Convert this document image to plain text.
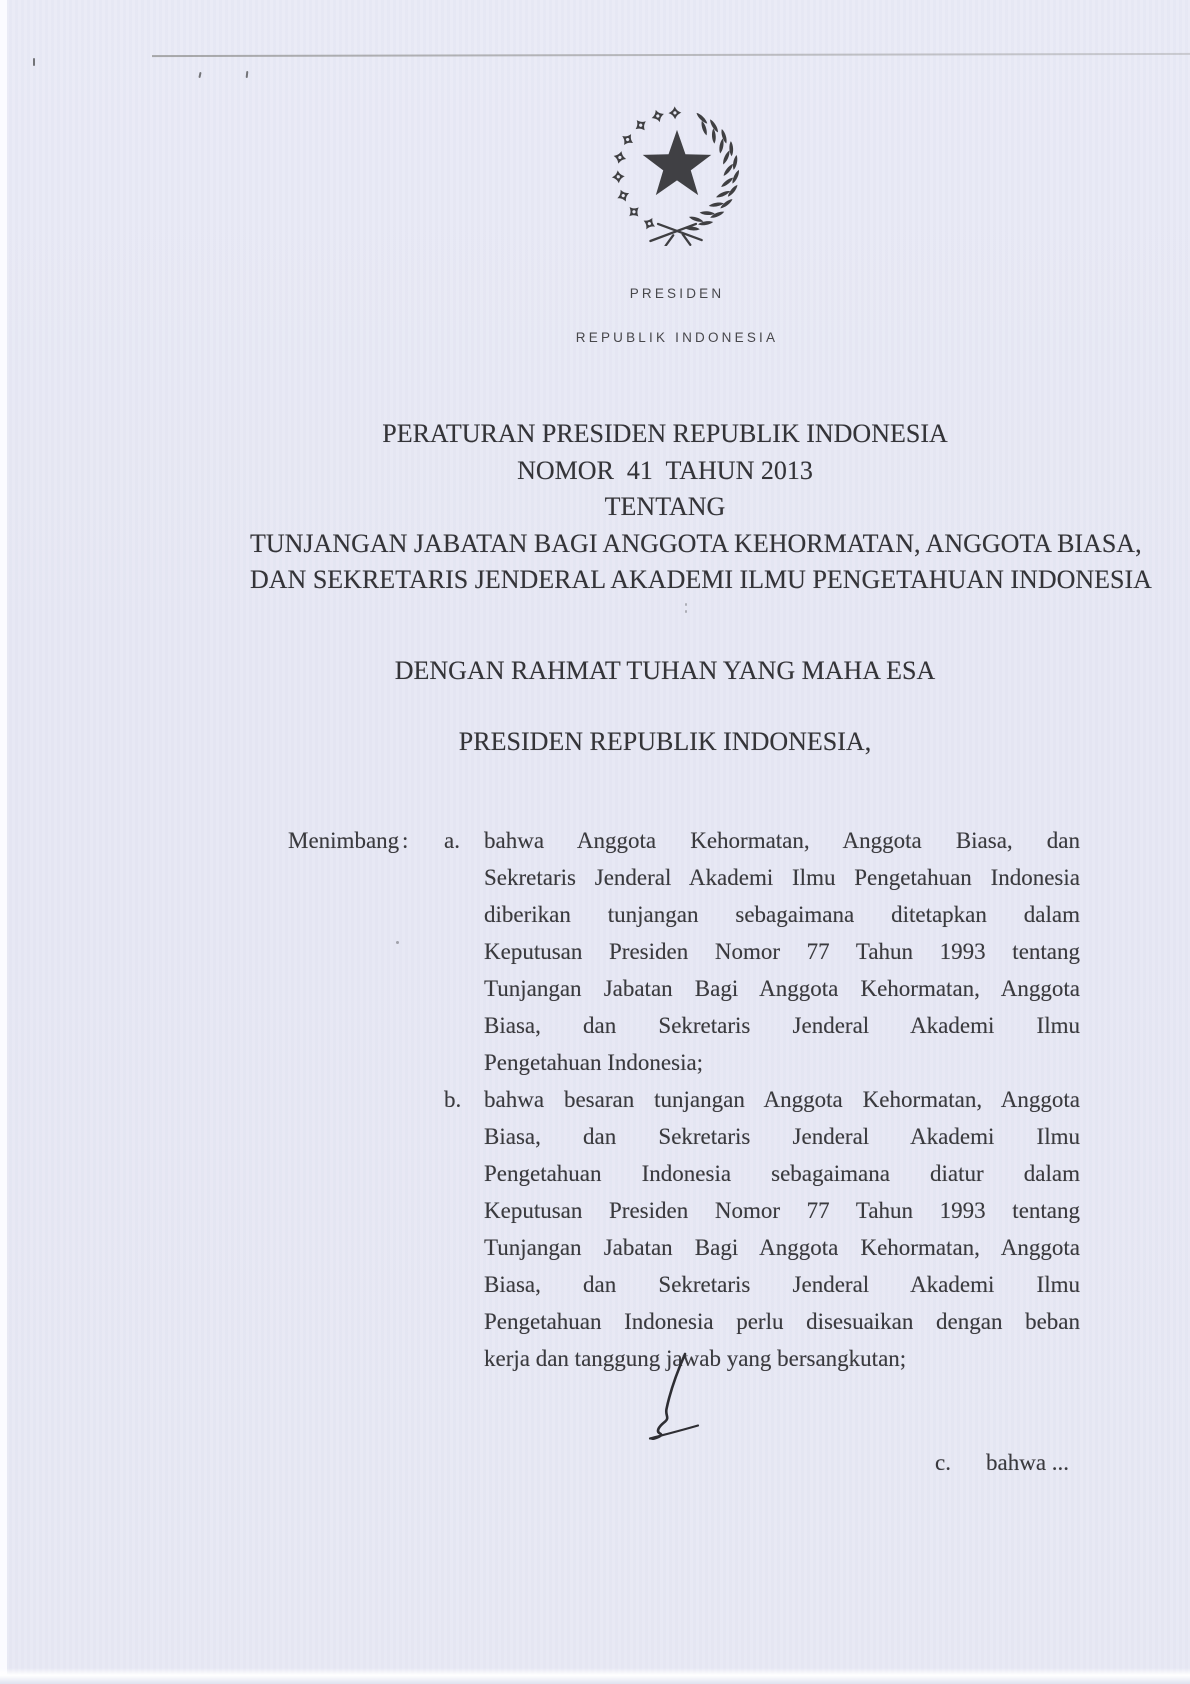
PRESIDEN

REPUBLIK INDONESIA

PERATURAN PRESIDEN REPUBLIK INDONESIA
NOMOR  41  TAHUN 2013
TENTANG
TUNJANGAN JABATAN BAGI ANGGOTA KEHORMATAN, ANGGOTA BIASA,
DAN SEKRETARIS JENDERAL AKADEMI ILMU PENGETAHUAN INDONESIA
DENGAN RAHMAT TUHAN YANG MAHA ESA
PRESIDEN REPUBLIK INDONESIA,
Menimbang : a. bahwa Anggota Kehormatan, Anggota Biasa, dan
Sekretaris Jenderal Akademi Ilmu Pengetahuan Indonesia
diberikan tunjangan sebagaimana ditetapkan dalam
Keputusan Presiden Nomor 77 Tahun 1993 tentang
Tunjangan Jabatan Bagi Anggota Kehormatan, Anggota
Biasa, dan Sekretaris Jenderal Akademi Ilmu
Pengetahuan Indonesia;
b. bahwa besaran tunjangan Anggota Kehormatan, Anggota
Biasa, dan Sekretaris Jenderal Akademi Ilmu
Pengetahuan Indonesia sebagaimana diatur dalam
Keputusan Presiden Nomor 77 Tahun 1993 tentang
Tunjangan Jabatan Bagi Anggota Kehormatan, Anggota
Biasa, dan Sekretaris Jenderal Akademi Ilmu
Pengetahuan Indonesia perlu disesuaikan dengan beban
kerja dan tanggung jawab yang bersangkutan;
c. bahwa ...
